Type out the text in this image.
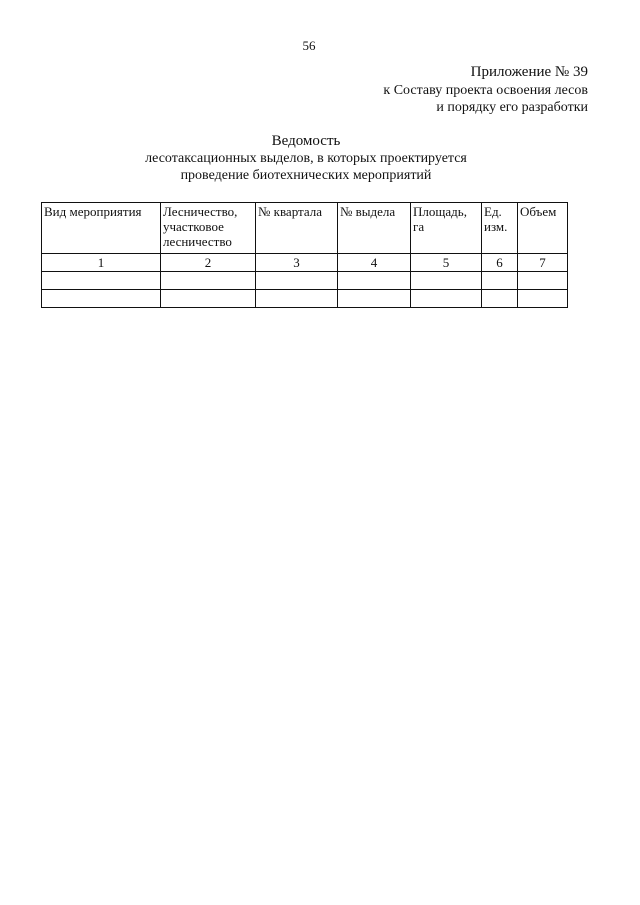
56
Приложение № 39
к Составу проекта освоения лесов
и порядку его разработки
Ведомость
лесотаксационных выделов, в которых проектируется
проведение биотехнических мероприятий
Вид мероприятия	Лесничество, участковое лесничество	№ квартала	№ выдела	Площадь, га	Ед. изм.	Объем
1	2	3	4	5	6	7
